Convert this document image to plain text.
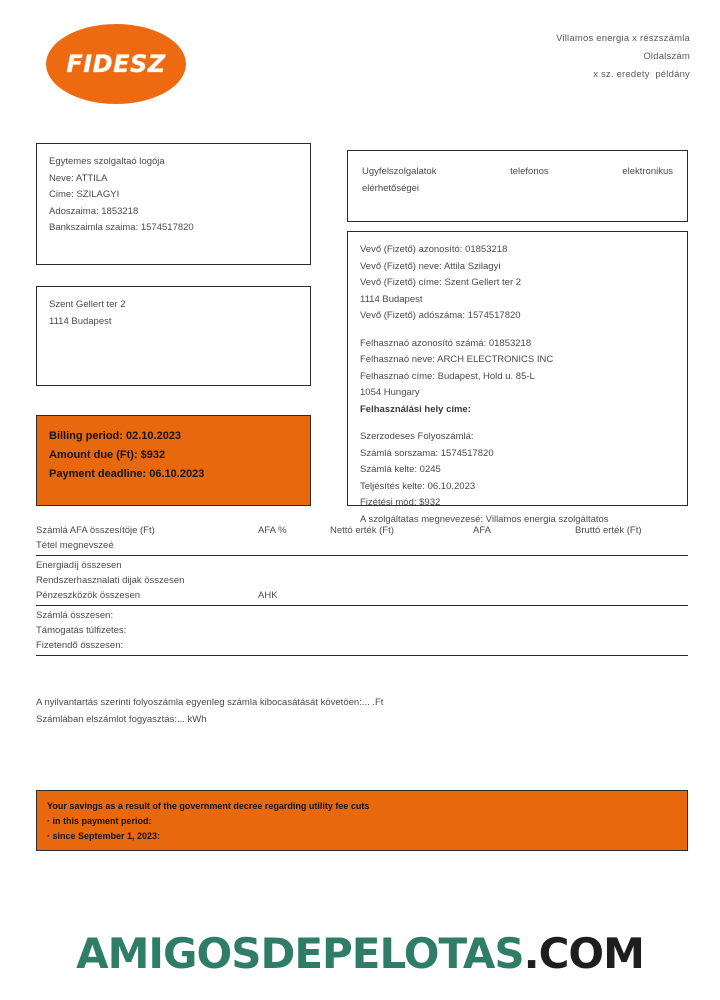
FIDESZ
Villamos energia x részszámla
Oldalszám
x sz. eredety  példány
Egytemes szolgaltaó logója
Neve: ATTILA
Cime: SZILAGYI
Adoszaima: 1853218
Bankszaimla szaima: 1574517820
Szent Gellert ter 2
1114 Budapest
Ugyfelszolgalatok telefonos elektronikus
elérhetőségei
Vevő (Fizető) azonosító: 01853218
Vevő (Fizető) neve: Attila Szilagyi
Vevő (Fizető) címe: Szent Gellert ter 2
1114 Budapest
Vevő (Fizető) adószáma: 1574517820
Felhasznaó azonosító számá: 01853218
Felhasznaó neve: ARCH ELECTRONICS INC
Felhasznaó címe: Budapest, Hold u. 85-L
1054 Hungary
Felhasználási hely címe:
Szerzodeses Folyoszámlá:
Számlá sorszama: 1574517820
Számlá kelte: 0245
Teljésítés kelte: 06.10.2023
Fizétési mód: $932
A szolgáltatas megnevezesé: Villamos energia szolgáltatos
Billing period: 02.10.2023
Amount due (Ft): $932
Payment deadline: 06.10.2023
Számlá AFA összesítöje (Ft)	AFA %	Nettó erték (Ft)	AFA	Bruttó erték (Ft)
Tétel megnevszeé
Energiadíj összesen
Rendszerhasznalati dijak összesen
Pénzeszközök összesen	AHK
Számlá összesen:
Támogatás túlfizetes:
Fizetendő összesen:
A nyilvantartás szerinti folyoszámla egyenleg számla kibocasátását követöen:... .Ft
Számlában elszámlot fogyasztás:... kWh
Your savings as a result of the government decree regarding utility fee cuts
· in this payment period:
· since September 1, 2023:
AMIGOSDEPELOTAS.COM
